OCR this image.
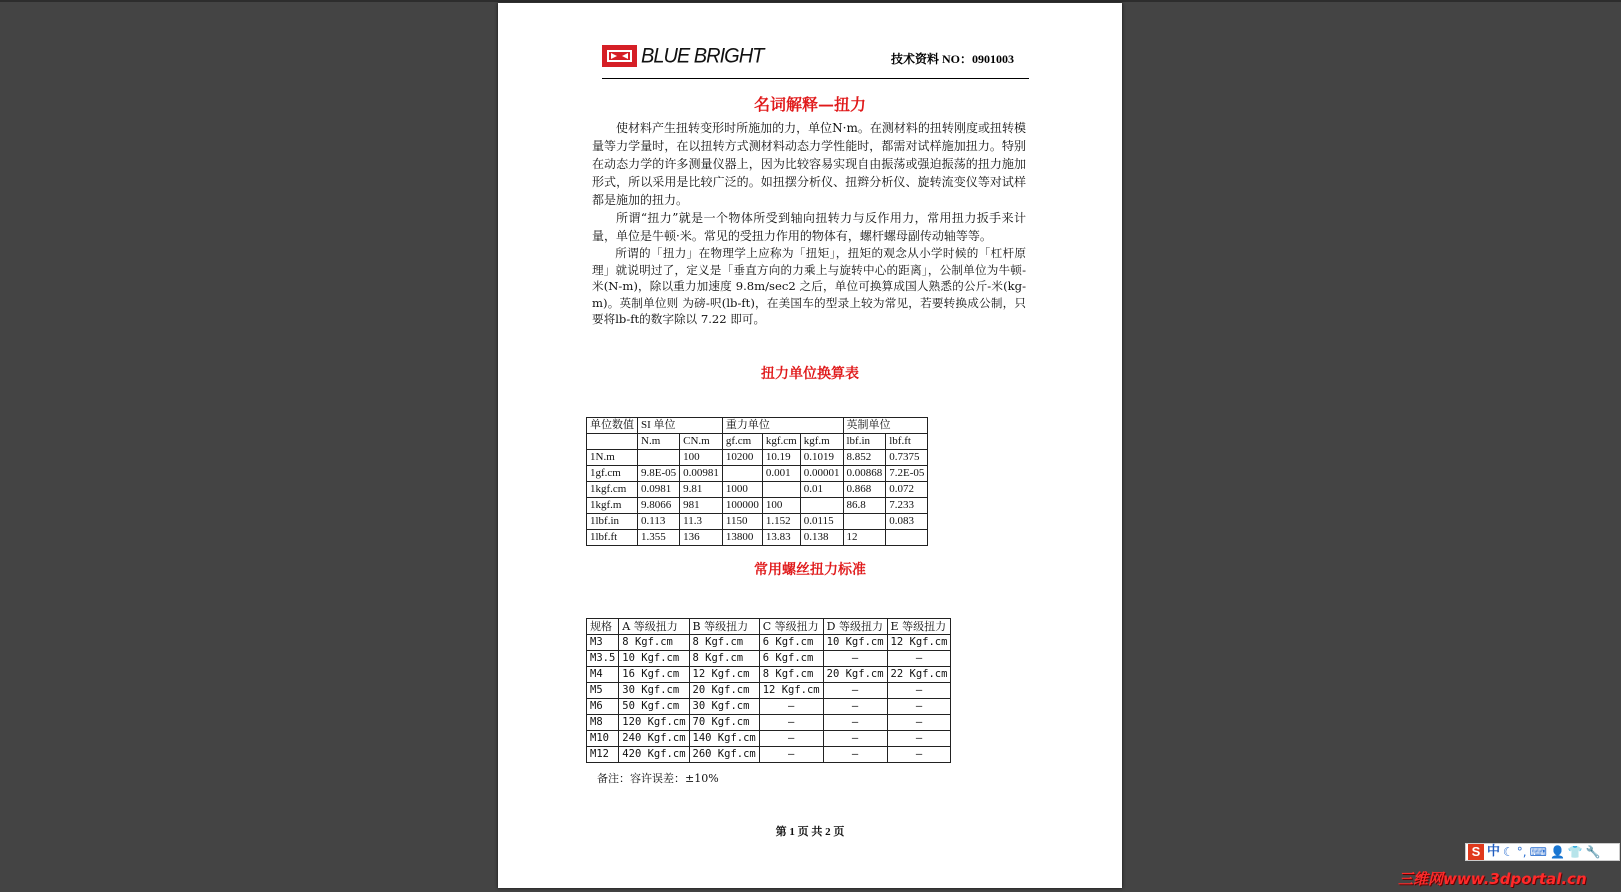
BLUE BRIGHT	技术资料 NO：0901003
名词解释—扭力

使材料产生扭转变形时所施加的力，单位N·m。在测材料的扭转刚度或扭转模量等力学量时，在以扭转方式测材料动态力学性能时，都需对试样施加扭力。特别在动态力学的许多测量仪器上，因为比较容易实现自由振荡或强迫振荡的扭力施加形式，所以采用是比较广泛的。如扭摆分析仪、扭辫分析仪、旋转流变仪等对试样都是施加的扭力。

所谓“扭力”就是一个物体所受到轴向扭转力与反作用力，常用扭力扳手来计量，单位是牛顿·米。常见的受扭力作用的物体有，螺杆螺母副传动轴等等。

所谓的「扭力」在物理学上应称为「扭矩」，扭矩的观念从小学时候的「杠杆原理」就说明过了，定义是「垂直方向的力乘上与旋转中心的距离」，公制单位为牛顿-米(N-m)，除以重力加速度 9.8m/sec2 之后，单位可换算成国人熟悉的公斤-米(kg-m)。英制单位则 为磅-呎(lb-ft)，在美国车的型录上较为常见，若要转换成公制，只要将lb-ft的数字除以 7.22 即可。

扭力单位换算表
单位数值	SI 单位		重力单位			英制单位	
	N.m	CN.m	gf.cm	kgf.cm	kgf.m	lbf.in	lbf.ft
1N.m		100	10200	10.19	0.1019	8.852	0.7375
1gf.cm	9.8E-05	0.00981		0.001	0.00001	0.00868	7.2E-05
1kgf.cm	0.0981	9.81	1000		0.01	0.868	0.072
1kgf.m	9.8066	981	100000	100		86.8	7.233
1lbf.in	0.113	11.3	1150	1.152	0.0115		0.083
1lbf.ft	1.355	136	13800	13.83	0.138	12	
常用螺丝扭力标准
规格	A 等级扭力	B 等级扭力	C 等级扭力	D 等级扭力	E 等级扭力
M3	8 Kgf.cm	8 Kgf.cm	6 Kgf.cm	10 Kgf.cm	12 Kgf.cm
M3.5	10 Kgf.cm	8 Kgf.cm	6 Kgf.cm	—	—
M4	16 Kgf.cm	12 Kgf.cm	8 Kgf.cm	20 Kgf.cm	22 Kgf.cm
M5	30 Kgf.cm	20 Kgf.cm	12 Kgf.cm	—	—
M6	50 Kgf.cm	30 Kgf.cm	—	—	—
M8	120 Kgf.cm	70 Kgf.cm	—	—	—
M10	240 Kgf.cm	140 Kgf.cm	—	—	—
M12	420 Kgf.cm	260 Kgf.cm	—	—	—
备注：容许误差：±10%
第 1 页 共 2 页
S 中 ☾ °, ⌨ 👤 👕 🔧
三维网www.3dportal.cn
